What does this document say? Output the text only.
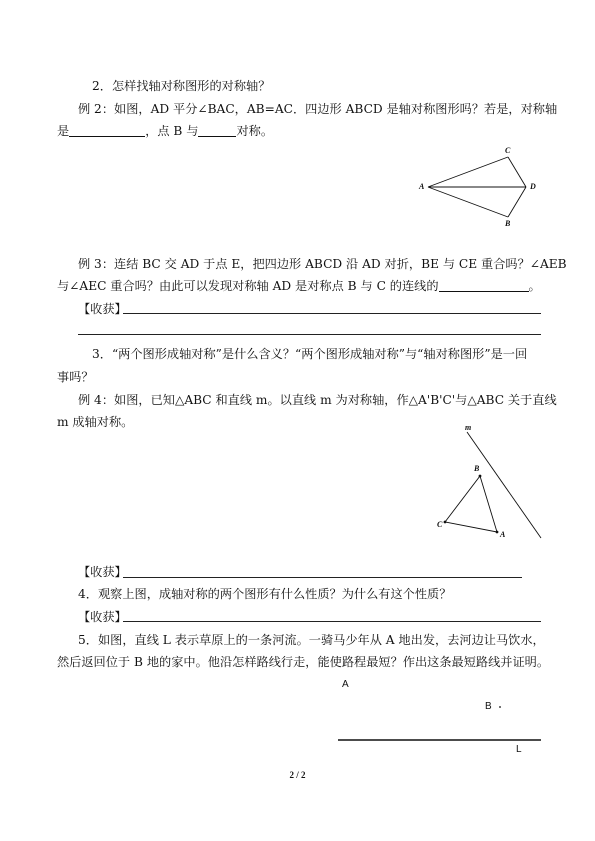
2．怎样找轴对称图形的对称轴？
例 2：如图，AD 平分∠BAC，AB=AC．四边形 ABCD 是轴对称图形吗？若是，对称轴
是	，点 B 与	对称。
C
A	D
B
例 3：连结 BC 交 AD 于点 E，把四边形 ABCD 沿 AD 对折，BE 与 CE 重合吗？∠AEB
与∠AEC 重合吗？由此可以发现对称轴 AD 是对称点 B 与 C 的连线的	。
【收获】
3．“两个图形成轴对称”是什么含义？“两个图形成轴对称”与“轴对称图形”是一回
事吗？
例 4：如图，已知△ABC 和直线 m。以直线 m 为对称轴，作△A'B'C'与△ABC 关于直线
m 成轴对称。	m
B
C
A
【收获】
4．观察上图，成轴对称的两个图形有什么性质？为什么有这个性质？
【收获】
5．如图，直线 L 表示草原上的一条河流。一骑马少年从 A 地出发，去河边让马饮水，
然后返回位于 B 地的家中。他沿怎样路线行走，能使路程最短？作出这条最短路线并证明。
A
B
L
2 / 2
